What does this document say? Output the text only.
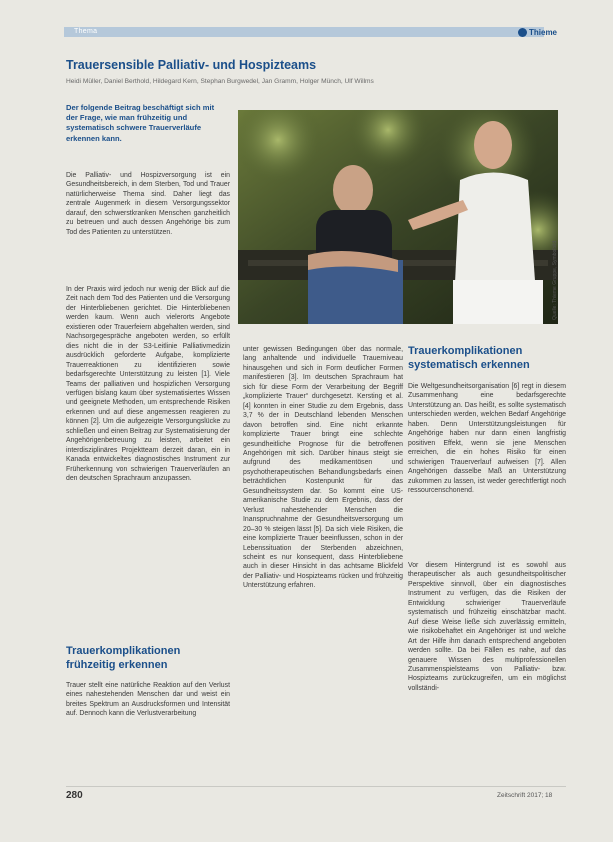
Thema	Thieme
Trauersensible Palliativ- und Hospizteams

Heidi Müller, Daniel Berthold, Hildegard Kern, Stephan Burgwedel, Jan Gramm, Holger Münch, Ulf Willms

Der folgende Beitrag beschäftigt sich mit der Frage, wie man frühzeitig und systematisch schwere Trauerverläufe erkennen kann.

Die Palliativ- und Hospizversorgung ist ein Gesundheitsbereich, in dem Sterben, Tod und Trauer natürlicherweise Thema sind. Daher liegt das zentrale Augenmerk in diesem Versorgungssektor darauf, den schwerstkranken Menschen ganzheitlich zu betreuen und auch dessen Angehörige bis zum Tod des Patienten zu unterstützen.

In der Praxis wird jedoch nur wenig der Blick auf die Zeit nach dem Tod des Patienten und die Versorgung der Hinterbliebenen gerichtet. Die Hinterbliebenen werden kaum. Wenn auch vielerorts Angebote existieren oder Trauerfeiern abgehalten werden, sind Nachsorgegespräche angeboten werden, so erfüllt dies nicht die in der S3-Leitlinie Palliativmedizin ausdrücklich geforderte Aufgabe, komplizierte Trauerreaktionen zu identifizieren sowie bedarfsgerechte Unterstützung zu leisten [1]. Viele Teams der palliativen und hospizlichen Versorgung verfügen bislang kaum über systematisiertes Wissen und geeignete Methoden, um entsprechende Risiken erkennen und auf diese angemessen reagieren zu können [2]. Um die aufgezeigte Versorgungslücke zu schließen und einen Beitrag zur Systematisierung der Angehörigenbetreuung zu leisten, arbeitet ein interdisziplinäres Projektteam derzeit daran, ein in Kanada entwickeltes diagnostisches Instrument zur Früherkennung von schwierigen Trauerverläufen an den deutschen Sprachraum anzupassen.

Trauerkomplikationen frühzeitig erkennen

Trauer stellt eine natürliche Reaktion auf den Verlust eines nahestehenden Menschen dar und weist ein breites Spektrum an Ausdrucksformen und Intensität auf. Dennoch kann die Verlustverarbeitung

Quelle: Thieme Gruppe, Symbolbild

unter gewissen Bedingungen über das normale, lang anhaltende und individuelle Trauerniveau hinausgehen und sich in Form deutlicher Formen manifestieren [3]. Im deutschen Sprachraum hat sich für diese Form der Verarbeitung der Begriff „komplizierte Trauer“ durchgesetzt. Kersting et al. [4] konnten in einer Studie zu dem Ergebnis, dass 3,7 % der in Deutschland lebenden Menschen davon betroffen sind. Eine nicht erkannte komplizierte Trauer bringt eine schlechte gesundheitliche Prognose für die betroffenen Angehörigen mit sich. Darüber hinaus steigt sie aufgrund des medikamentösen und psychotherapeutischen Behandlungsbedarfs einen beträchtlichen Kostenpunkt für das Gesundheitssystem dar. So kommt eine US-amerikanische Studie zu dem Ergebnis, dass der Verlust nahestehender Menschen die Inanspruchnahme der Gesundheitsversorgung um 20–30 % steigen lässt [5]. Da sich viele Risiken, die eine komplizierte Trauer beeinflussen, schon in der Lebenssituation der Sterbenden abzeichnen, scheint es nur konsequent, dass Hinterbliebene auch in dieser Hinsicht in das achtsame Blickfeld der Palliativ- und Hospizteams rücken und frühzeitig Unterstützung erfahren.

Trauerkomplikationen systematisch erkennen

Die Weltgesundheitsorganisation [6] regt in diesem Zusammenhang eine bedarfsgerechte Unterstützung an. Das heißt, es sollte systematisch unterschieden werden, welchen Bedarf Angehörige haben. Denn Unterstützungsleistungen für Angehörige haben nur dann einen langfristig positiven Effekt, wenn sie jene Menschen erreichen, die ein hohes Risiko für einen schwierigen Trauerverlauf aufweisen [7]. Allen Angehörigen dasselbe Maß an Unterstützung zukommen zu lassen, ist weder gerechtfertigt noch ressourcenschonend.

Vor diesem Hintergrund ist es sowohl aus therapeutischer als auch gesundheitspolitischer Perspektive sinnvoll, über ein diagnostisches Instrument zu verfügen, das die Risiken der Entwicklung schwieriger Trauerverläufe systematisch und frühzeitig einschätzbar macht. Auf diese Weise ließe sich zuverlässig ermitteln, wie risikobehaftet ein Angehöriger ist und welche Art der Hilfe ihm danach entsprechend angeboten werden sollte. Da bei Fällen es nahe, auf das genauere Wissen des multiprofessionellen Zusammenspielsteams von Palliativ- bzw. Hospizteams zurückzugreifen, um ein möglichst vollständi-

280	Zeitschrift 2017; 18
